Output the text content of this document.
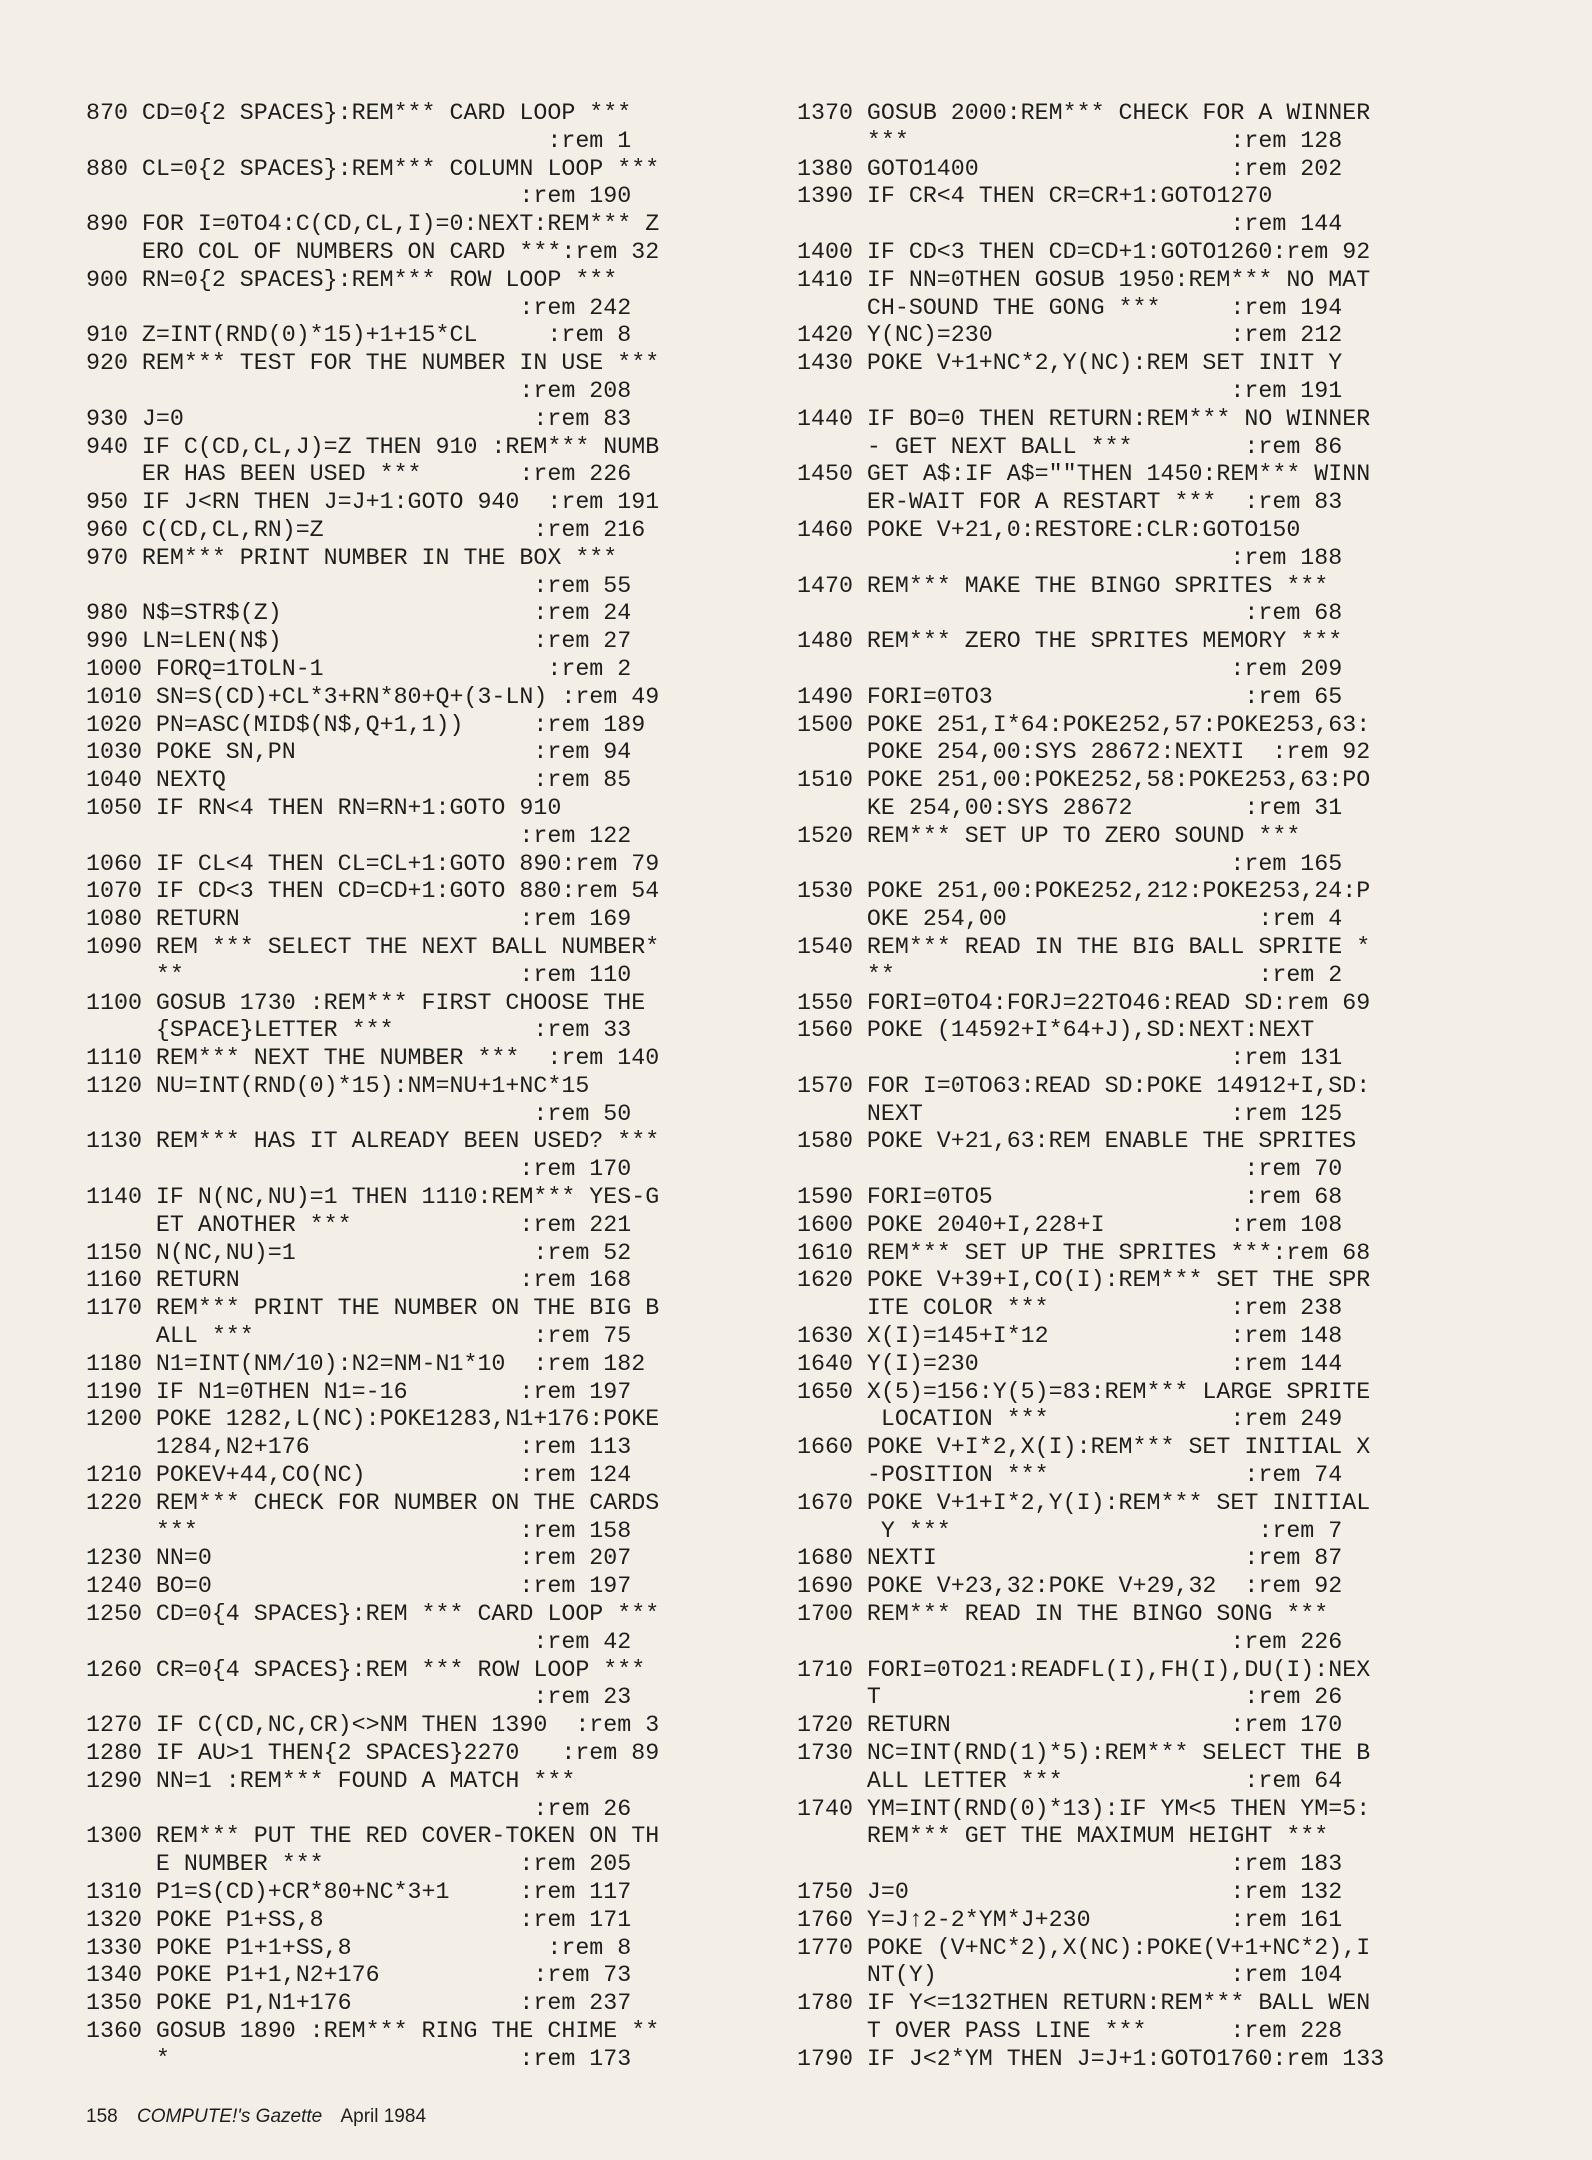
870 CD=0{2 SPACES}:REM*** CARD LOOP ***
:rem 1
880 CL=0{2 SPACES}:REM*** COLUMN LOOP ***
:rem 190
890 FOR I=0TO4:C(CD,CL,I)=0:NEXT:REM*** Z
ERO COL OF NUMBERS ON CARD ***:rem 32
900 RN=0{2 SPACES}:REM*** ROW LOOP ***
:rem 242
910 Z=INT(RND(0)*15)+1+15*CL     :rem 8
920 REM*** TEST FOR THE NUMBER IN USE ***
:rem 208
930 J=0                         :rem 83
940 IF C(CD,CL,J)=Z THEN 910 :REM*** NUMB
ER HAS BEEN USED ***       :rem 226
950 IF J<RN THEN J=J+1:GOTO 940  :rem 191
960 C(CD,CL,RN)=Z               :rem 216
970 REM*** PRINT NUMBER IN THE BOX ***
:rem 55
980 N$=STR$(Z)                  :rem 24
990 LN=LEN(N$)                  :rem 27
1000 FORQ=1TOLN-1                :rem 2
1010 SN=S(CD)+CL*3+RN*80+Q+(3-LN) :rem 49
1020 PN=ASC(MID$(N$,Q+1,1))     :rem 189
1030 POKE SN,PN                 :rem 94
1040 NEXTQ                      :rem 85
1050 IF RN<4 THEN RN=RN+1:GOTO 910
:rem 122
1060 IF CL<4 THEN CL=CL+1:GOTO 890:rem 79
1070 IF CD<3 THEN CD=CD+1:GOTO 880:rem 54
1080 RETURN                    :rem 169
1090 REM *** SELECT THE NEXT BALL NUMBER*
**                        :rem 110
1100 GOSUB 1730 :REM*** FIRST CHOOSE THE
{SPACE}LETTER ***          :rem 33
1110 REM*** NEXT THE NUMBER ***  :rem 140
1120 NU=INT(RND(0)*15):NM=NU+1+NC*15
:rem 50
1130 REM*** HAS IT ALREADY BEEN USED? ***
:rem 170
1140 IF N(NC,NU)=1 THEN 1110:REM*** YES-G
ET ANOTHER ***            :rem 221
1150 N(NC,NU)=1                 :rem 52
1160 RETURN                    :rem 168
1170 REM*** PRINT THE NUMBER ON THE BIG B
ALL ***                    :rem 75
1180 N1=INT(NM/10):N2=NM-N1*10  :rem 182
1190 IF N1=0THEN N1=-16        :rem 197
1200 POKE 1282,L(NC):POKE1283,N1+176:POKE
1284,N2+176               :rem 113
1210 POKEV+44,CO(NC)           :rem 124
1220 REM*** CHECK FOR NUMBER ON THE CARDS
***                       :rem 158
1230 NN=0                      :rem 207
1240 BO=0                      :rem 197
1250 CD=0{4 SPACES}:REM *** CARD LOOP ***
:rem 42
1260 CR=0{4 SPACES}:REM *** ROW LOOP ***
:rem 23
1270 IF C(CD,NC,CR)<>NM THEN 1390  :rem 3
1280 IF AU>1 THEN{2 SPACES}2270   :rem 89
1290 NN=1 :REM*** FOUND A MATCH ***
:rem 26
1300 REM*** PUT THE RED COVER-TOKEN ON TH
E NUMBER ***              :rem 205
1310 P1=S(CD)+CR*80+NC*3+1     :rem 117
1320 POKE P1+SS,8              :rem 171
1330 POKE P1+1+SS,8              :rem 8
1340 POKE P1+1,N2+176           :rem 73
1350 POKE P1,N1+176            :rem 237
1360 GOSUB 1890 :REM*** RING THE CHIME **
*                         :rem 173
1370 GOSUB 2000:REM*** CHECK FOR A WINNER
***                       :rem 128
1380 GOTO1400                  :rem 202
1390 IF CR<4 THEN CR=CR+1:GOTO1270
:rem 144
1400 IF CD<3 THEN CD=CD+1:GOTO1260:rem 92
1410 IF NN=0THEN GOSUB 1950:REM*** NO MAT
CH-SOUND THE GONG ***     :rem 194
1420 Y(NC)=230                 :rem 212
1430 POKE V+1+NC*2,Y(NC):REM SET INIT Y
:rem 191
1440 IF BO=0 THEN RETURN:REM*** NO WINNER
- GET NEXT BALL ***        :rem 86
1450 GET A$:IF A$=""THEN 1450:REM*** WINN
ER-WAIT FOR A RESTART ***  :rem 83
1460 POKE V+21,0:RESTORE:CLR:GOTO150
:rem 188
1470 REM*** MAKE THE BINGO SPRITES ***
:rem 68
1480 REM*** ZERO THE SPRITES MEMORY ***
:rem 209
1490 FORI=0TO3                  :rem 65
1500 POKE 251,I*64:POKE252,57:POKE253,63:
POKE 254,00:SYS 28672:NEXTI  :rem 92
1510 POKE 251,00:POKE252,58:POKE253,63:PO
KE 254,00:SYS 28672        :rem 31
1520 REM*** SET UP TO ZERO SOUND ***
:rem 165
1530 POKE 251,00:POKE252,212:POKE253,24:P
OKE 254,00                  :rem 4
1540 REM*** READ IN THE BIG BALL SPRITE *
**                          :rem 2
1550 FORI=0TO4:FORJ=22TO46:READ SD:rem 69
1560 POKE (14592+I*64+J),SD:NEXT:NEXT
:rem 131
1570 FOR I=0TO63:READ SD:POKE 14912+I,SD:
NEXT                      :rem 125
1580 POKE V+21,63:REM ENABLE THE SPRITES
:rem 70
1590 FORI=0TO5                  :rem 68
1600 POKE 2040+I,228+I         :rem 108
1610 REM*** SET UP THE SPRITES ***:rem 68
1620 POKE V+39+I,CO(I):REM*** SET THE SPR
ITE COLOR ***             :rem 238
1630 X(I)=145+I*12             :rem 148
1640 Y(I)=230                  :rem 144
1650 X(5)=156:Y(5)=83:REM*** LARGE SPRITE
LOCATION ***             :rem 249
1660 POKE V+I*2,X(I):REM*** SET INITIAL X
-POSITION ***              :rem 74
1670 POKE V+1+I*2,Y(I):REM*** SET INITIAL
Y ***                      :rem 7
1680 NEXTI                      :rem 87
1690 POKE V+23,32:POKE V+29,32  :rem 92
1700 REM*** READ IN THE BINGO SONG ***
:rem 226
1710 FORI=0TO21:READFL(I),FH(I),DU(I):NEX
T                          :rem 26
1720 RETURN                    :rem 170
1730 NC=INT(RND(1)*5):REM*** SELECT THE B
ALL LETTER ***             :rem 64
1740 YM=INT(RND(0)*13):IF YM<5 THEN YM=5:
REM*** GET THE MAXIMUM HEIGHT ***
:rem 183
1750 J=0                       :rem 132
1760 Y=J↑2-2*YM*J+230          :rem 161
1770 POKE (V+NC*2),X(NC):POKE(V+1+NC*2),I
NT(Y)                     :rem 104
1780 IF Y<=132THEN RETURN:REM*** BALL WEN
T OVER PASS LINE ***      :rem 228
1790 IF J<2*YM THEN J=J+1:GOTO1760:rem 133
158 COMPUTE!'s Gazette April 1984
